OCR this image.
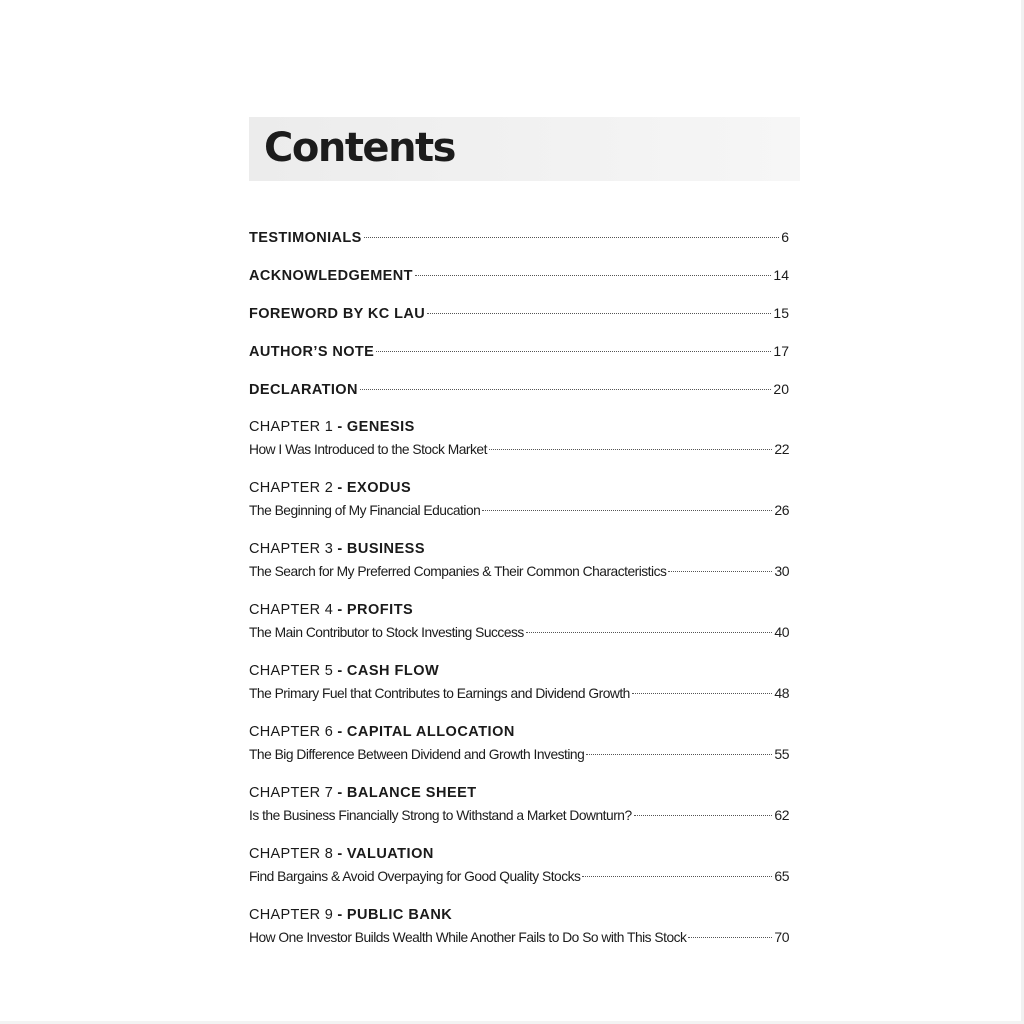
Contents
TESTIMONIALS	6
ACKNOWLEDGEMENT	14
FOREWORD BY KC LAU	15
AUTHOR’S NOTE	17
DECLARATION	20
CHAPTER 1 - GENESIS
How I Was Introduced to the Stock Market	22
CHAPTER 2 - EXODUS
The Beginning of My Financial Education	26
CHAPTER 3 - BUSINESS
The Search for My Preferred Companies & Their Common Characteristics	30
CHAPTER 4 - PROFITS
The Main Contributor to Stock Investing Success	40
CHAPTER 5 - CASH FLOW
The Primary Fuel that Contributes to Earnings and Dividend Growth	48
CHAPTER 6 - CAPITAL ALLOCATION
The Big Difference Between Dividend and Growth Investing	55
CHAPTER 7 - BALANCE SHEET
Is the Business Financially Strong to Withstand a Market Downturn?	62
CHAPTER 8 - VALUATION
Find Bargains & Avoid Overpaying for Good Quality Stocks	65
CHAPTER 9 - PUBLIC BANK
How One Investor Builds Wealth While Another Fails to Do So with This Stock	70
